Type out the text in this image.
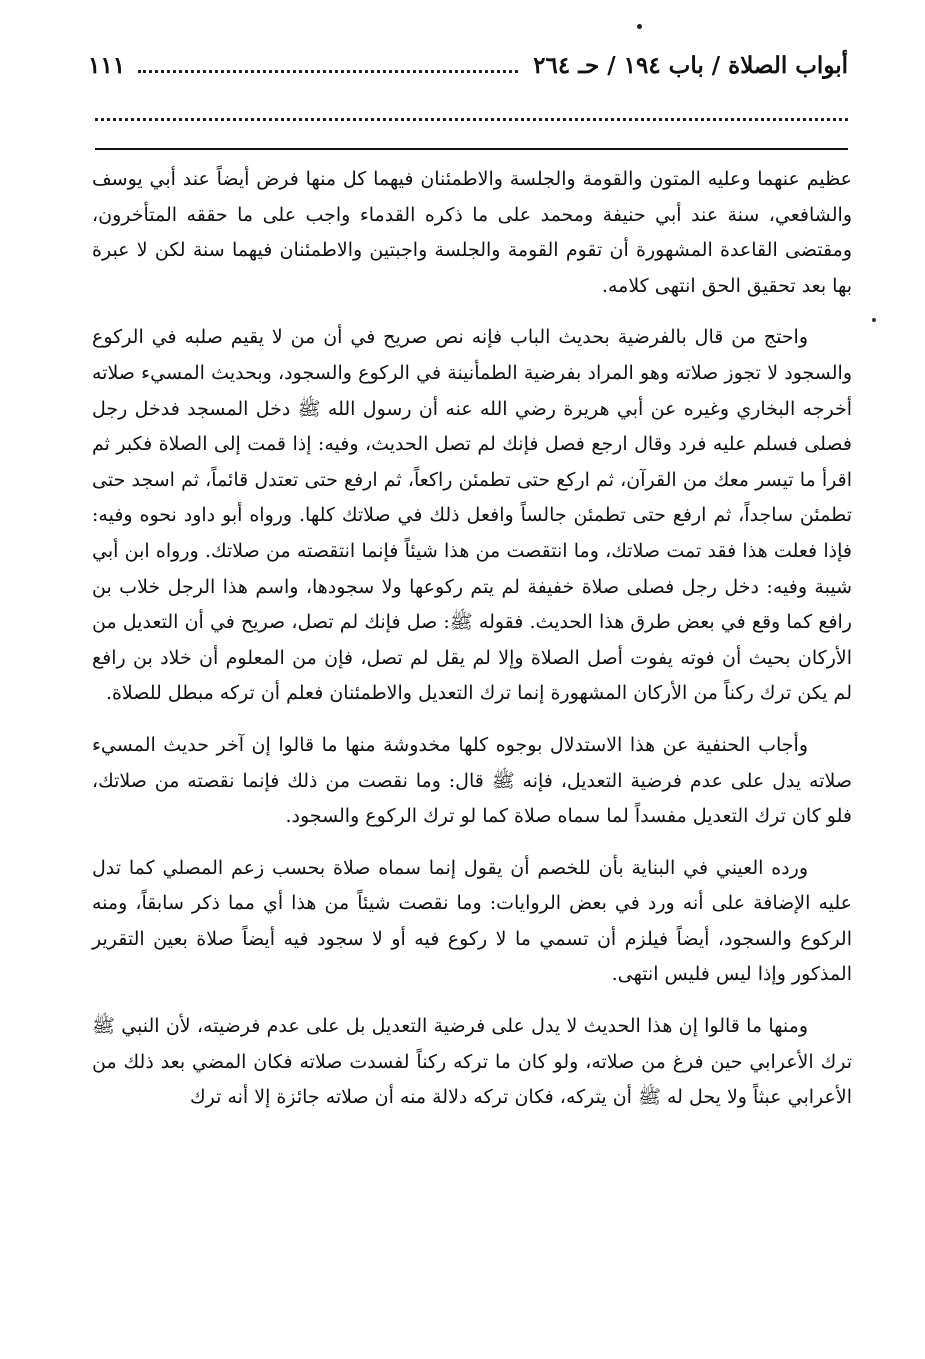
أبواب الصلاة / باب ١٩٤ / حـ ٢٦٤
١١١

عظيم عنهما وعليه المتون والقومة والجلسة والاطمئنان فيهما كل منها فرض أيضاً عند أبي يوسف والشافعي، سنة عند أبي حنيفة ومحمد على ما ذكره القدماء واجب على ما حققه المتأخرون، ومقتضى القاعدة المشهورة أن تقوم القومة والجلسة واجبتين والاطمئنان فيهما سنة لكن لا عبرة بها بعد تحقيق الحق انتهى كلامه.

واحتج من قال بالفرضية بحديث الباب فإنه نص صريح في أن من لا يقيم صلبه في الركوع والسجود لا تجوز صلاته وهو المراد بفرضية الطمأنينة في الركوع والسجود، وبحديث المسيء صلاته أخرجه البخاري وغيره عن أبي هريرة رضي الله عنه أن رسول الله ﷺ دخل المسجد فدخل رجل فصلى فسلم عليه فرد وقال ارجع فصل فإنك لم تصل الحديث، وفيه: إذا قمت إلى الصلاة فكبر ثم اقرأ ما تيسر معك من القرآن، ثم اركع حتى تطمئن راكعاً، ثم ارفع حتى تعتدل قائماً، ثم اسجد حتى تطمئن ساجداً، ثم ارفع حتى تطمئن جالساً وافعل ذلك في صلاتك كلها. ورواه أبو داود نحوه وفيه: فإذا فعلت هذا فقد تمت صلاتك، وما انتقصت من هذا شيئاً فإنما انتقصته من صلاتك. ورواه ابن أبي شيبة وفيه: دخل رجل فصلى صلاة خفيفة لم يتم ركوعها ولا سجودها، واسم هذا الرجل خلاب بن رافع كما وقع في بعض طرق هذا الحديث. فقوله ﷺ: صل فإنك لم تصل، صريح في أن التعديل من الأركان بحيث أن فوته يفوت أصل الصلاة وإلا لم يقل لم تصل، فإن من المعلوم أن خلاد بن رافع لم يكن ترك ركناً من الأركان المشهورة إنما ترك التعديل والاطمئنان فعلم أن تركه مبطل للصلاة.

وأجاب الحنفية عن هذا الاستدلال بوجوه كلها مخدوشة منها ما قالوا إن آخر حديث المسيء صلاته يدل على عدم فرضية التعديل، فإنه ﷺ قال: وما نقصت من ذلك فإنما نقصته من صلاتك، فلو كان ترك التعديل مفسداً لما سماه صلاة كما لو ترك الركوع والسجود.

ورده العيني في البناية بأن للخصم أن يقول إنما سماه صلاة بحسب زعم المصلي كما تدل عليه الإضافة على أنه ورد في بعض الروايات: وما نقصت شيئاً من هذا أي مما ذكر سابقاً، ومنه الركوع والسجود، أيضاً فيلزم أن تسمي ما لا ركوع فيه أو لا سجود فيه أيضاً صلاة بعين التقرير المذكور وإذا ليس فليس انتهى.

ومنها ما قالوا إن هذا الحديث لا يدل على فرضية التعديل بل على عدم فرضيته، لأن النبي ﷺ ترك الأعرابي حين فرغ من صلاته، ولو كان ما تركه ركناً لفسدت صلاته فكان المضي بعد ذلك من الأعرابي عبثاً ولا يحل له ﷺ أن يتركه، فكان تركه دلالة منه أن صلاته جائزة إلا أنه ترك
